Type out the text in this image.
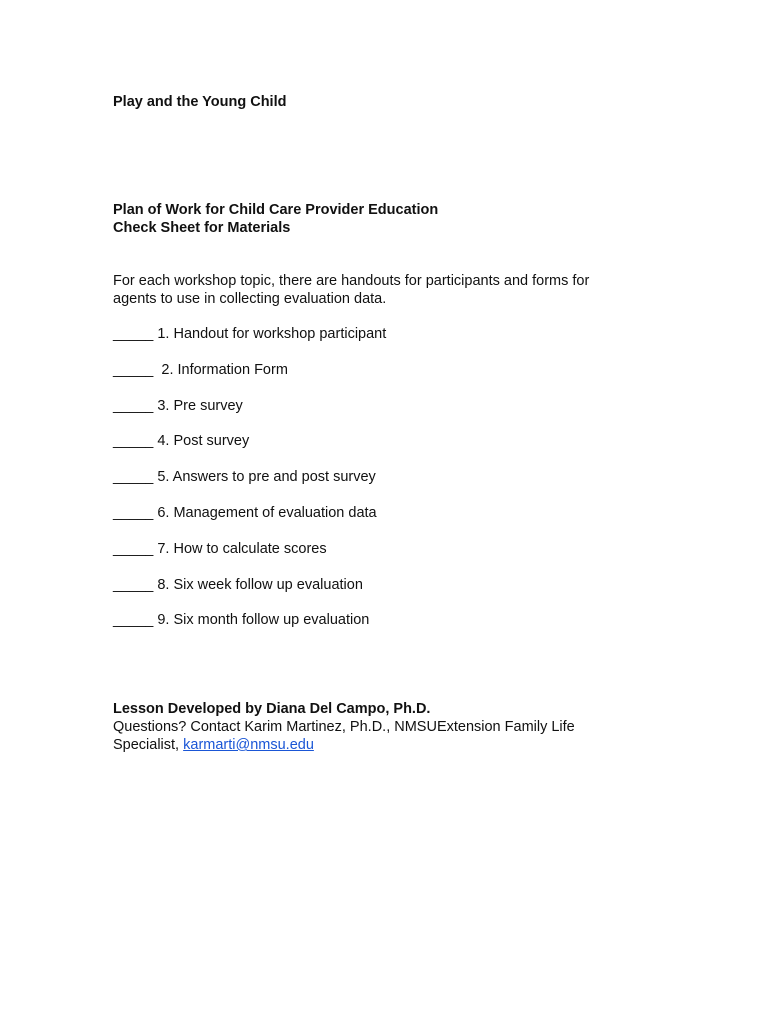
Play and the Young Child
Plan of Work for Child Care Provider Education
Check Sheet for Materials
For each workshop topic, there are handouts for participants and forms for agents to use in collecting evaluation data.
_____ 1. Handout for workshop participant
_____  2. Information Form
_____ 3. Pre survey
_____ 4. Post survey
_____ 5. Answers to pre and post survey
_____ 6. Management of evaluation data
_____ 7. How to calculate scores
_____ 8. Six week follow up evaluation
_____ 9. Six month follow up evaluation
Lesson Developed by Diana Del Campo, Ph.D.
Questions? Contact Karim Martinez, Ph.D., NMSUExtension Family Life Specialist, karmarti@nmsu.edu
